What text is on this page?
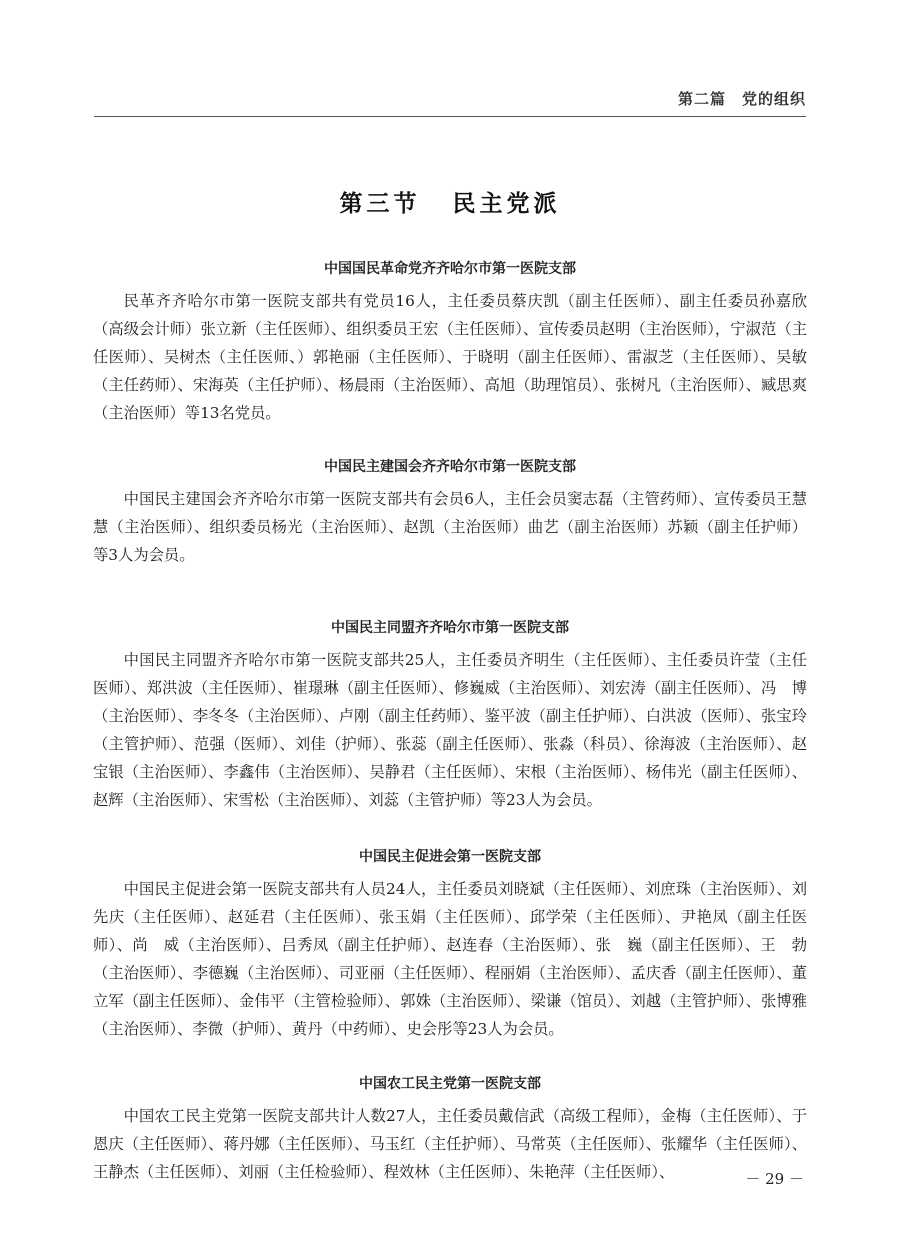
第二篇　党的组织
第三节 民主党派
中国国民革命党齐齐哈尔市第一医院支部

民革齐齐哈尔市第一医院支部共有党员16人，主任委员蔡庆凯（副主任医师）、副主任委员孙嘉欣（高级会计师）张立新（主任医师）、组织委员王宏（主任医师）、宣传委员赵明（主治医师），宁淑范（主任医师）、吴树杰（主任医师、）郭艳丽（主任医师）、于晓明（副主任医师）、雷淑芝（主任医师）、吴敏（主任药师）、宋海英（主任护师）、杨晨雨（主治医师）、高旭（助理馆员）、张树凡（主治医师）、臧思爽（主治医师）等13名党员。

中国民主建国会齐齐哈尔市第一医院支部

中国民主建国会齐齐哈尔市第一医院支部共有会员6人，主任会员窦志磊（主管药师）、宣传委员王慧慧（主治医师）、组织委员杨光（主治医师）、赵凯（主治医师）曲艺（副主治医师）苏颖（副主任护师）等3人为会员。

中国民主同盟齐齐哈尔市第一医院支部

中国民主同盟齐齐哈尔市第一医院支部共25人，主任委员齐明生（主任医师）、主任委员许莹（主任医师）、郑洪波（主任医师）、崔璟琳（副主任医师）、修巍威（主治医师）、刘宏涛（副主任医师）、冯　博（主治医师）、李冬冬（主治医师）、卢刚（副主任药师）、鉴平波（副主任护师）、白洪波（医师）、张宝玲（主管护师）、范强（医师）、刘佳（护师）、张蕊（副主任医师）、张淼（科员）、徐海波（主治医师）、赵宝银（主治医师）、李鑫伟（主治医师）、吴静君（主任医师）、宋根（主治医师）、杨伟光（副主任医师）、赵辉（主治医师）、宋雪松（主治医师）、刘蕊（主管护师）等23人为会员。

中国民主促进会第一医院支部

中国民主促进会第一医院支部共有人员24人，主任委员刘晓斌（主任医师）、刘庶珠（主治医师）、刘先庆（主任医师）、赵延君（主任医师）、张玉娟（主任医师）、邱学荣（主任医师）、尹艳凤（副主任医师）、尚　威（主治医师）、吕秀凤（副主任护师）、赵连春（主治医师）、张　巍（副主任医师）、王　勃（主治医师）、李德巍（主治医师）、司亚丽（主任医师）、程丽娟（主治医师）、孟庆香（副主任医师）、董立军（副主任医师）、金伟平（主管检验师）、郭姝（主治医师）、梁谦（馆员）、刘越（主管护师）、张博雅（主治医师）、李微（护师）、黄丹（中药师）、史会彤等23人为会员。

中国农工民主党第一医院支部

中国农工民主党第一医院支部共计人数27人，主任委员戴信武（高级工程师），金梅（主任医师）、于恩庆（主任医师）、蒋丹娜（主任医师）、马玉红（主任护师）、马常英（主任医师）、张耀华（主任医师）、王静杰（主任医师）、刘丽（主任检验师）、程效林（主任医师）、朱艳萍（主任医师）、	－ 29 －
